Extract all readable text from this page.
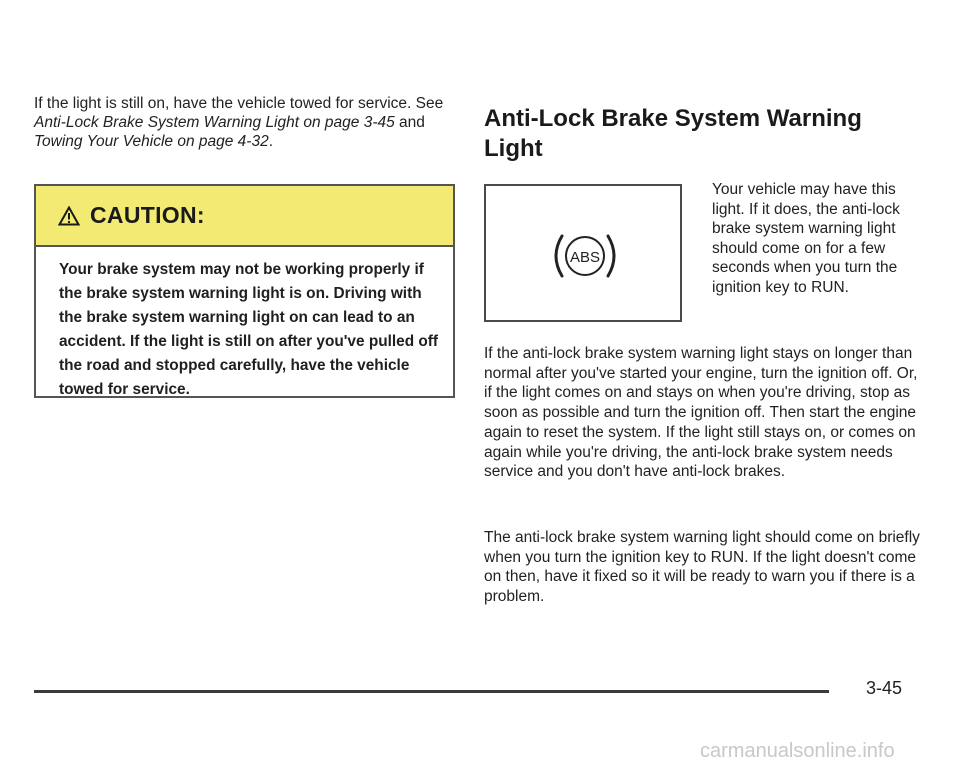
If the light is still on, have the vehicle towed for service. See Anti-Lock Brake System Warning Light on page 3-45 and Towing Your Vehicle on page 4-32.

CAUTION:

Your brake system may not be working properly if the brake system warning light is on. Driving with the brake system warning light on can lead to an accident. If the light is still on after you've pulled off the road and stopped carefully, have the vehicle towed for service.

Anti-Lock Brake System Warning Light
ABS

Your vehicle may have this light. If it does, the anti-lock brake system warning light should come on for a few seconds when you turn the ignition key to RUN.

If the anti-lock brake system warning light stays on longer than normal after you've started your engine, turn the ignition off. Or, if the light comes on and stays on when you're driving, stop as soon as possible and turn the ignition off. Then start the engine again to reset the system. If the light still stays on, or comes on again while you're driving, the anti-lock brake system needs service and you don't have anti-lock brakes.

The anti-lock brake system warning light should come on briefly when you turn the ignition key to RUN. If the light doesn't come on then, have it fixed so it will be ready to warn you if there is a problem.

3-45
carmanualsonline.info
